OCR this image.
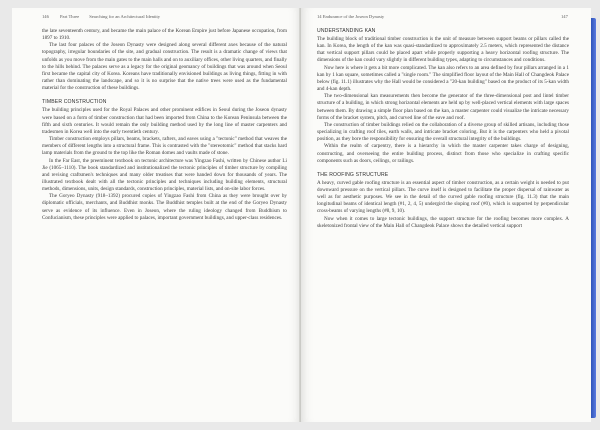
146 Part Three Searching for an Architectural Identity

the late seventeenth century, and became the main palace of the Korean Empire just before Japanese occupation, from 1897 to 1910.

The last four palaces of the Joseon Dynasty were designed along several different axes because of the natural topography, irregular boundaries of the site, and gradual construction. The result is a dramatic change of views that unfolds as you move from the main gates to the main halls and on to auxiliary offices, other living quarters, and finally to the hills behind. The palaces serve as a legacy for the original geomancy of buildings that was around when Seoul first became the capital city of Korea. Koreans have traditionally envisioned buildings as living things, fitting in with rather than dominating the landscape, and so it is no surprise that the native trees were used as the fundamental material for the construction of these buildings.

TIMBER CONSTRUCTION

The building principles used for the Royal Palaces and other prominent edifices in Seoul during the Joseon dynasty were based on a form of timber construction that had been imported from China to the Korean Peninsula between the fifth and sixth centuries. It would remain the only building method used by the long line of master carpenters and tradesmen in Korea well into the early twentieth century.

Timber construction employs pillars, beams, brackets, rafters, and eaves using a "tectonic" method that weaves the members of different lengths into a structural frame. This is contrasted with the "stereotomic" method that stacks hard lamp materials from the ground to the top like the Roman domes and vaults made of stone.

In the Far East, the preeminent textbook on tectonic architecture was Yingzao Fashi, written by Chinese author Li Jie (1065–1110). The book standardized and institutionalized the tectonic principles of timber structure by compiling and revising craftsmen's techniques and many older treatises that were handed down for thousands of years. The illustrated textbook dealt with all the tectonic principles and techniques including building elements, structural methods, dimensions, units, design standards, construction principles, material lists, and on-site labor forces.

The Goryeo Dynasty (918–1392) procured copies of Yingzao Fashi from China as they were brought over by diplomatic officials, merchants, and Buddhist monks. The Buddhist temples built at the end of the Goryeo Dynasty serve as evidence of its influence. Even in Joseon, where the ruling ideology changed from Buddhism to Confucianism, these principles were applied to palaces, important government buildings, and upper-class residences.

14 Endurance of the Joseon Dynasty	147
UNDERSTANDING KAN

The building block of traditional timber construction is the unit of measure between support beams or pillars called the kan. In Korea, the length of the kan was quasi-standardized to approximately 2.5 meters, which represented the distance that vertical support pillars could be placed apart while properly supporting a heavy horizontal roofing structure. The dimensions of the kan could vary slightly in different building types, adapting to circumstances and conditions.

Now here is where it gets a bit more complicated. The kan also refers to an area defined by four pillars arranged in a 1 kan by 1 kan square, sometimes called a "single room." The simplified floor layout of the Main Hall of Changdeok Palace below (fig. 11.1) illustrates why the Hall would be considered a "20-kan building" based on the product of its 5-kan width and 4-kan depth.

The two-dimensional kan measurements then become the generator of the three-dimensional post and lintel timber structure of a building, in which strong horizontal elements are held up by well-placed vertical elements with large spaces between them. By drawing a simple floor plan based on the kan, a master carpenter could visualize the intricate necessary forms of the bracket system, pitch, and curved line of the eave and roof.

The construction of timber buildings relied on the collaboration of a diverse group of skilled artisans, including those specializing in crafting roof tiles, earth walls, and intricate bracket coloring. But it is the carpenters who held a pivotal position, as they bore the responsibility for ensuring the overall structural integrity of the buildings.

Within the realm of carpentry, there is a hierarchy in which the master carpenter takes charge of designing, constructing, and overseeing the entire building process, distinct from those who specialize in crafting specific components such as doors, ceilings, or railings.

THE ROOFING STRUCTURE

A heavy, curved gable roofing structure is an essential aspect of timber construction, as a certain weight is needed to put downward pressure on the vertical pillars. The curve itself is designed to facilitate the proper dispersal of rainwater as well as for aesthetic purposes. We see in the detail of the curved gable roofing structure (fig. 11.3) that the main longitudinal beams of identical length (#1, 2, 4, 5) undergird the sloping roof (#0), which is supported by perpendicular cross-beams of varying lengths (#8, 9, 10).

Now when it comes to large tectonic buildings, the support structure for the roofing becomes more complex. A skeletonized frontal view of the Main Hall of Changdeok Palace shows the detailed vertical support
